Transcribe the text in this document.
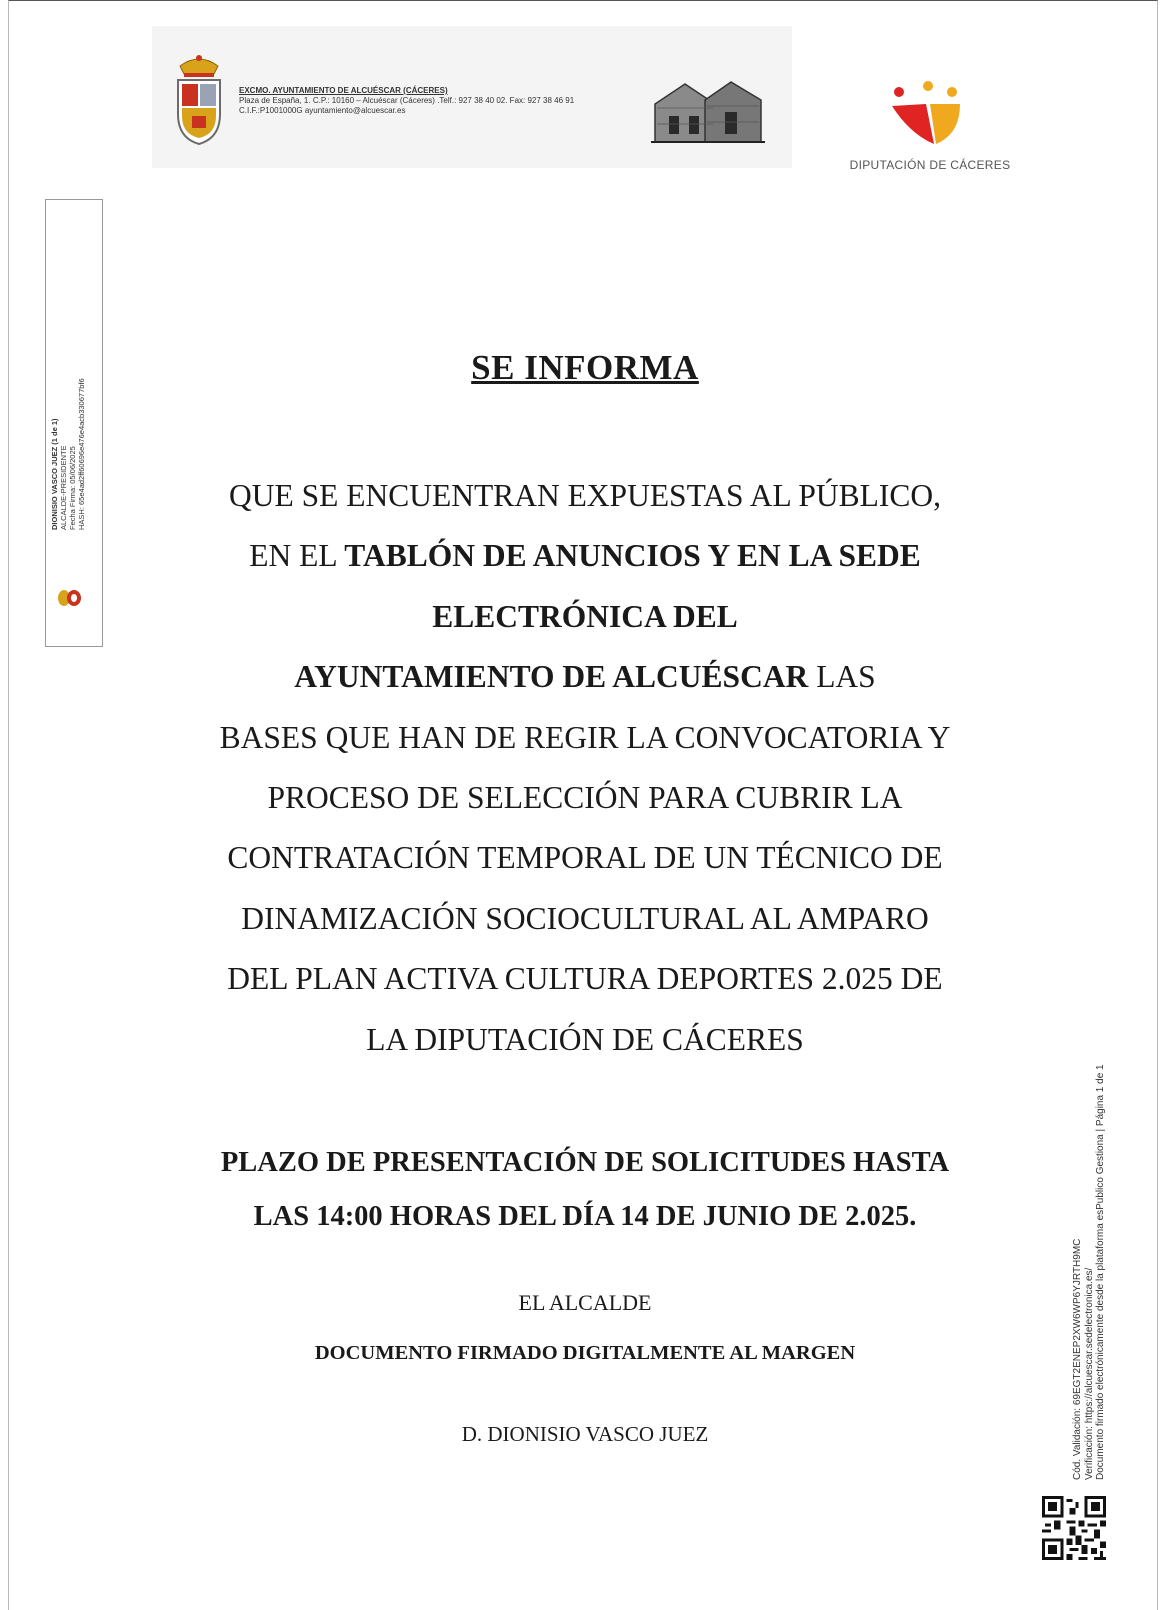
EXCMO. AYUNTAMIENTO DE ALCUÉSCAR (CÁCERES)
Plaza de España, 1. C.P.: 10160 – Alcuéscar (Cáceres) .Telf.: 927 38 40 02. Fax: 927 38 46 91
C.I.F.:P1001000G ayuntamiento@alcuescar.es
DIPUTACIÓN DE CÁCERES
DIONISIO VASCO JUEZ (1 de 1) ALCALDE-PRESIDENTE Fecha Firma: 05/06/2025 HASH: 65e4ad2ff60696e476e4acb330677bf6
SE INFORMA
QUE SE ENCUENTRAN EXPUESTAS AL PÚBLICO,
EN EL TABLÓN DE ANUNCIOS Y EN LA SEDE
ELECTRÓNICA DEL
AYUNTAMIENTO DE ALCUÉSCAR LAS
BASES QUE HAN DE REGIR LA CONVOCATORIA Y
PROCESO DE SELECCIÓN PARA CUBRIR LA
CONTRATACIÓN TEMPORAL DE UN TÉCNICO DE
DINAMIZACIÓN SOCIOCULTURAL AL AMPARO
DEL PLAN ACTIVA CULTURA DEPORTES 2.025 DE
LA DIPUTACIÓN DE CÁCERES
PLAZO DE PRESENTACIÓN DE SOLICITUDES HASTA
LAS 14:00 HORAS DEL DÍA 14 DE JUNIO DE 2.025.
EL ALCALDE
DOCUMENTO FIRMADO DIGITALMENTE AL MARGEN
D. DIONISIO VASCO JUEZ	Cód. Validación: 69EGT2ENEP2XW6WP6YJRTH9MC Verificación: https://alcuescar.sedelectronica.es/ Documento firmado electrónicamente desde la plataforma esPublico Gestiona | Página 1 de 1
